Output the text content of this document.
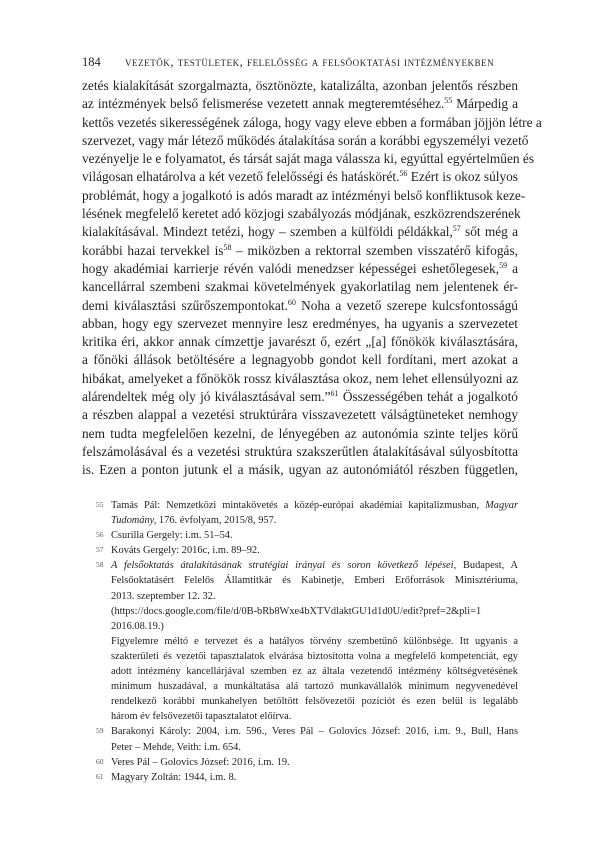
184 vezetők, testületek, felelősség a felsőoktatási intézményekben
zetés kialakítását szorgalmazta, ösztönözte, katalizálta, azonban jelentős részben
az intézmények belső felismerése vezetett annak megteremtéséhez.$^{55}$ Márpedig a
kettős vezetés sikerességének záloga, hogy vagy eleve ebben a formában jöjjön létre a
szervezet, vagy már létező működés átalakítása során a korábbi egyszemélyi vezető
vezényelje le e folyamatot, és társát saját maga válassza ki, egyúttal egyértelműen és
világosan elhatárolva a két vezető felelősségi és hatáskörét.$^{56}$ Ezért is okoz súlyos
problémát, hogy a jogalkotó is adós maradt az intézményi belső konfliktusok keze-
lésének megfelelő keretet adó közjogi szabályozás módjának, eszközrendszerének
kialakításával. Mindezt tetézi, hogy – szemben a külföldi példákkal,$^{57}$ sőt még a
korábbi hazai tervekkel $is^{58}$ – miközben a rektorral szemben visszatérő kifogás,
hogy akadémiai karrierje révén valódi menedzser képességei eshetőlegesek,$^{59}$ a
kancellárral szembeni szakmai követelmények gyakorlatilag nem jelentenek ér-
demi kiválasztási szűrőszempontokat.$^{60}$ Noha a vezető szerepe kulcsfontosságú
abban, hogy egy szervezet mennyire lesz eredményes, ha ugyanis a szervezetet
kritika éri, akkor annak címzettje javarészt ő, ezért „[a] főnökök kiválasztására,
a főnöki állások betöltésére a legnagyobb gondot kell fordítani, mert azokat a
hibákat, amelyeket a főnökök rossz kiválasztása okoz, nem lehet ellensúlyozni az
alárendeltek még oly jó kiválasztásával sem.”$^{61}$ Összességében tehát a jogalkotó
a részben alappal a vezetési struktúrára visszavezetett válságtüneteket nemhogy
nem tudta megfelelően kezelni, de lényegében az autonómia szinte teljes körű
felszámolásával és a vezetési struktúra szakszerűtlen átalakításával súlyosbította
is. Ezen a ponton jutunk el a másik, ugyan az autonómiától részben független,
55 Tamás Pál: Nemzetközi mintakövetés a közép-európai akadémiai kapitalizmusban, Magyar
Tudomány, 176. évfolyam, 2015/8, 957.
56 Csurilla Gergely: i.m. 51–54.
57 Kováts Gergely: 2016c, i.m. 89–92.
58 A felsőoktatás átalakításának stratégiai irányai és soron következő lépései, Budapest, A
Felsőoktatásért Felelős Államtitkár és Kabinetje, Emberi Erőforrások Minisztériuma,
2013. szeptember 12. 32.
(https://docs.google.com/file/d/0B-bRb8Wxe4bXTVdlaktGU1d1d0U/edit?pref=2&pli=1
2016.08.19.)
Figyelemre méltó e tervezet és a hatályos törvény szembetűnő különbsége. Itt ugyanis a
szakterületi és vezetői tapasztalatok elvárása biztosította volna a megfelelő kompetenciát, egy
adott intézmény kancellárjával szemben ez az általa vezetendő intézmény költségvetésének
minimum huszadával, a munkáltatása alá tartozó munkavállalók minimum negyvenedével
rendelkező korábbi munkahelyen betöltött felsővezetői pozíciót és ezen belül is legalább
három év felsővezetői tapasztalatot előírva.
59 Barakonyi Károly: 2004, i.m. 596., Veres Pál – Golovics József: 2016, i.m. 9., Bull, Hans
Peter – Mehde, Veith: i.m. 654.
60 Veres Pál – Golovics József: 2016, i.m. 19.
61 Magyary Zoltán: 1944, i.m. 8.
